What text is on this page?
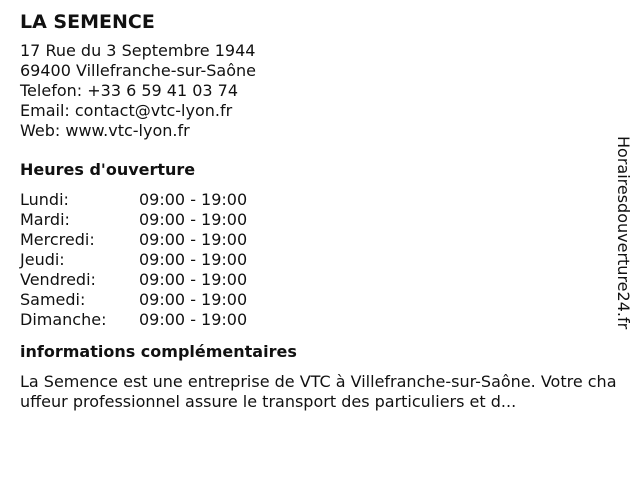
LA SEMENCE
17 Rue du 3 Septembre 1944
69400 Villefranche-sur-Saône
Telefon: +33 6 59 41 03 74
Email: contact@vtc-lyon.fr
Web: www.vtc-lyon.fr
Heures d'ouverture
Lundi:	09:00 - 19:00
Mardi:	09:00 - 19:00
Mercredi:	09:00 - 19:00
Jeudi:	09:00 - 19:00
Vendredi:	09:00 - 19:00
Samedi:	09:00 - 19:00
Dimanche:	09:00 - 19:00
informations complémentaires
La Semence est une entreprise de VTC à Villefranche-sur-Saône. Votre chauffeur professionnel assure le transport des particuliers et d...
Horairesdouverture24.fr
